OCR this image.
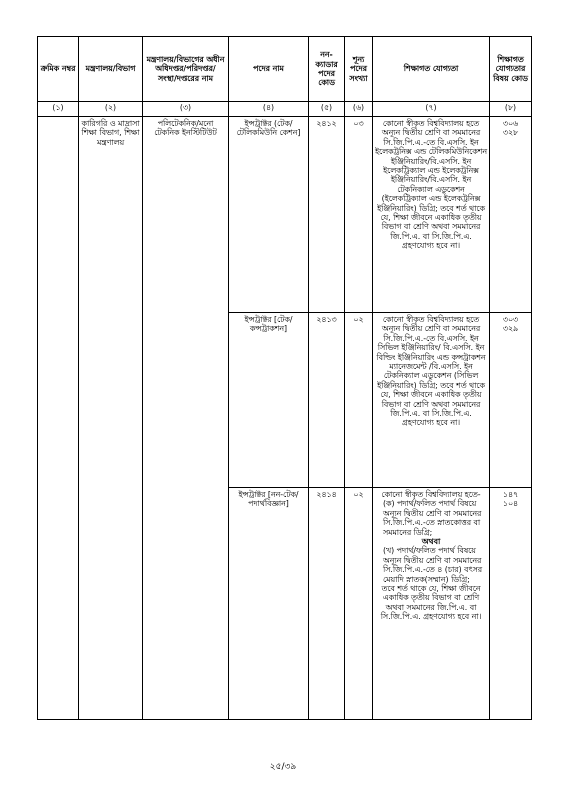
ক্রমিক নম্বর	মন্ত্রণালয়/বিভাগ	মন্ত্রণালয়/বিভাগের অধীন অধিদপ্তর/পরিদপ্তর/ সংস্থা/দপ্তরের নাম	পদের নাম	নন-ক্যাডার পদের কোড	শূন্য পদের সংখ্যা	শিক্ষাগত যোগ্যতা	শিক্ষাগত যোগ্যতার বিষয় কোড
(১)	(২)	(৩)	(৪)	(৫)	(৬)	(৭)	(৮)
	কারিগরি ও মাদ্রাসা শিক্ষা বিভাগ, শিক্ষা মন্ত্রণালয়	পলিটেকনিক/মনো টেকনিক ইনস্টিটিউট	ইন্সট্রাক্টর (টেক/টেলিকমিউনি কেশন]	২৪১২	০৩	কোনো স্বীকৃত বিশ্ববিদ্যালয় হতে অন্যূন দ্বিতীয় শ্রেণি বা সমমানের সি.জি.পি.এ.-তে বি.এসসি. ইন ইলেকট্রনিক্স এন্ড টেলিকমিউনিকেশন ইঞ্জিনিয়ারিং/বি.এসসি. ইন ইলেকট্রিক্যাল এন্ড ইলেকট্রনিক্স ইঞ্জিনিয়ারিং/বি.এসসি. ইন টেকনিক্যাল এডুকেশন (ইলেকট্রিক্যাল এন্ড ইলেকট্রনিক্স ইঞ্জিনিয়ারিং) ডিগ্রি; তবে শর্ত থাকে যে, শিক্ষা জীবনে একাধিক তৃতীয় বিভাগ বা শ্রেণি অথবা সমমানের জি.পি.এ. বা সি.জি.পি.এ. গ্রহণযোগ্য হবে না।	৩০৬
৩২৮

			ইন্সট্রাক্টর [টেক/কন্সট্রাকশন]	২৪১৩	০২	কোনো স্বীকৃত বিশ্ববিদ্যালয় হতে অন্যূন দ্বিতীয় শ্রেণি বা সমমানের সি.জি.পি.এ.-তে বি.এসসি. ইন সিভিল ইঞ্জিনিয়ারিং/ বি.এসসি. ইন বিল্ডিং ইঞ্জিনিয়ারিং এন্ড কন্সট্রাকশন ম্যানেজমেন্ট /বি.এসসি. ইন টেকনিক্যাল এডুকেশন (সিভিল ইঞ্জিনিয়ারিং) ডিগ্রি; তবে শর্ত থাকে যে, শিক্ষা জীবনে একাধিক তৃতীয় বিভাগ বা শ্রেণি অথবা সমমানের জি.পি.এ. বা সি.জি.পি.এ. গ্রহণযোগ্য হবে না।	৩০৩
৩২৯

			ইন্সট্রাক্টর [নন-টেক/পদার্থবিজ্ঞান]	২৪১৪	০২	কোনো স্বীকৃত বিশ্ববিদ্যালয় হতে-
(ক) পদার্থ/ফলিত পদার্থ বিষয়ে অন্যূন দ্বিতীয় শ্রেণি বা সমমানের সি.জি.পি.এ.-তে স্নাতকোত্তর বা সমমানের ডিগ্রি;
অথবা
(খ) পদার্থ/ফলিত পদার্থ বিষয়ে অন্যূন দ্বিতীয় শ্রেণি বা সমমানের সি.জি.পি.এ.-তে ৪ (চার) বৎসর মেয়াদি স্নাতক(সম্মান) ডিগ্রি;
তবে শর্ত থাকে যে, শিক্ষা জীবনে একাধিক তৃতীয় বিভাগ বা শ্রেণি অথবা সমমানের জি.পি.এ. বা সি.জি.পি.এ. গ্রহণযোগ্য হবে না।	১৪৭
১০৪
২৫/৩৯
